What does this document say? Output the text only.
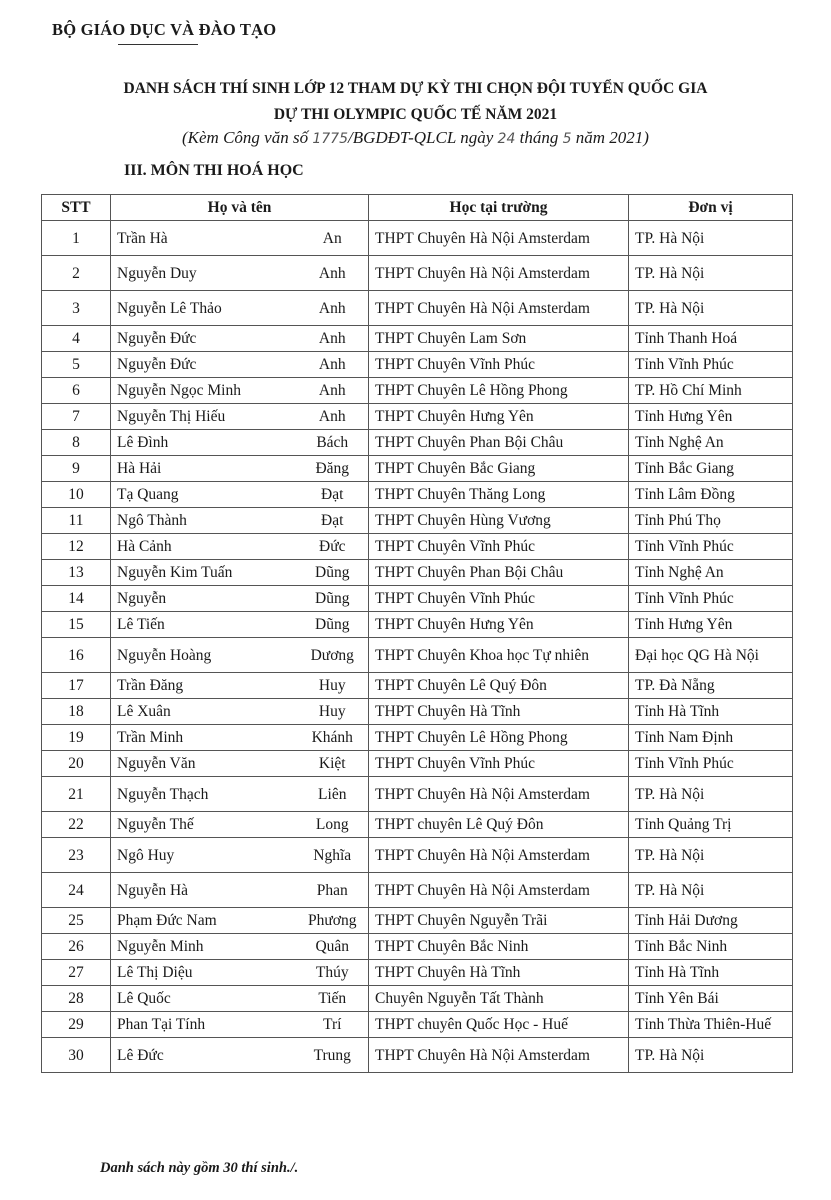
BỘ GIÁO DỤC VÀ ĐÀO TẠO
DANH SÁCH THÍ SINH LỚP 12 THAM DỰ KỲ THI CHỌN ĐỘI TUYỂN QUỐC GIA
DỰ THI OLYMPIC QUỐC TẾ NĂM 2021
(Kèm Công văn số 1775/BGDĐT-QLCL ngày 24 tháng 5 năm 2021)
III. MÔN THI HOÁ HỌC
STT	Họ và tên		Học tại trường	Đơn vị
1	Trần Hà	An	THPT Chuyên Hà Nội Amsterdam	TP. Hà Nội
2	Nguyễn Duy	Anh	THPT Chuyên Hà Nội Amsterdam	TP. Hà Nội
3	Nguyễn Lê Thảo	Anh	THPT Chuyên Hà Nội Amsterdam	TP. Hà Nội
4	Nguyễn Đức	Anh	THPT Chuyên Lam Sơn	Tỉnh Thanh Hoá
5	Nguyễn Đức	Anh	THPT Chuyên Vĩnh Phúc	Tỉnh Vĩnh Phúc
6	Nguyễn Ngọc Minh	Anh	THPT Chuyên Lê Hồng Phong	TP. Hồ Chí Minh
7	Nguyễn Thị Hiếu	Anh	THPT Chuyên Hưng Yên	Tỉnh Hưng Yên
8	Lê Đình	Bách	THPT Chuyên Phan Bội Châu	Tỉnh Nghệ An
9	Hà Hải	Đăng	THPT Chuyên Bắc Giang	Tỉnh Bắc Giang
10	Tạ Quang	Đạt	THPT Chuyên Thăng Long	Tỉnh Lâm Đồng
11	Ngô Thành	Đạt	THPT Chuyên Hùng Vương	Tỉnh Phú Thọ
12	Hà Cảnh	Đức	THPT Chuyên Vĩnh Phúc	Tỉnh Vĩnh Phúc
13	Nguyễn Kim Tuấn	Dũng	THPT Chuyên Phan Bội Châu	Tỉnh Nghệ An
14	Nguyễn	Dũng	THPT Chuyên Vĩnh Phúc	Tỉnh Vĩnh Phúc
15	Lê Tiến	Dũng	THPT Chuyên Hưng Yên	Tỉnh Hưng Yên
16	Nguyễn Hoàng	Dương	THPT Chuyên Khoa học Tự nhiên	Đại học QG Hà Nội
17	Trần Đăng	Huy	THPT Chuyên Lê Quý Đôn	TP. Đà Nẵng
18	Lê Xuân	Huy	THPT Chuyên Hà Tĩnh	Tỉnh Hà Tĩnh
19	Trần Minh	Khánh	THPT Chuyên Lê Hồng Phong	Tỉnh Nam Định
20	Nguyễn Văn	Kiệt	THPT Chuyên Vĩnh Phúc	Tỉnh Vĩnh Phúc
21	Nguyễn Thạch	Liên	THPT Chuyên Hà Nội Amsterdam	TP. Hà Nội
22	Nguyễn Thế	Long	THPT chuyên Lê Quý Đôn	Tỉnh Quảng Trị
23	Ngô Huy	Nghĩa	THPT Chuyên Hà Nội Amsterdam	TP. Hà Nội
24	Nguyễn Hà	Phan	THPT Chuyên Hà Nội Amsterdam	TP. Hà Nội
25	Phạm Đức Nam	Phương	THPT Chuyên Nguyễn Trãi	Tỉnh Hải Dương
26	Nguyễn Minh	Quân	THPT Chuyên Bắc Ninh	Tỉnh Bắc Ninh
27	Lê Thị Diệu	Thúy	THPT Chuyên Hà Tĩnh	Tỉnh Hà Tĩnh
28	Lê Quốc	Tiến	Chuyên Nguyễn Tất Thành	Tỉnh Yên Bái
29	Phan Tại Tính	Trí	THPT chuyên Quốc Học - Huế	Tỉnh Thừa Thiên-Huế
30	Lê Đức	Trung	THPT Chuyên Hà Nội Amsterdam	TP. Hà Nội
Danh sách này gồm 30 thí sinh./.
